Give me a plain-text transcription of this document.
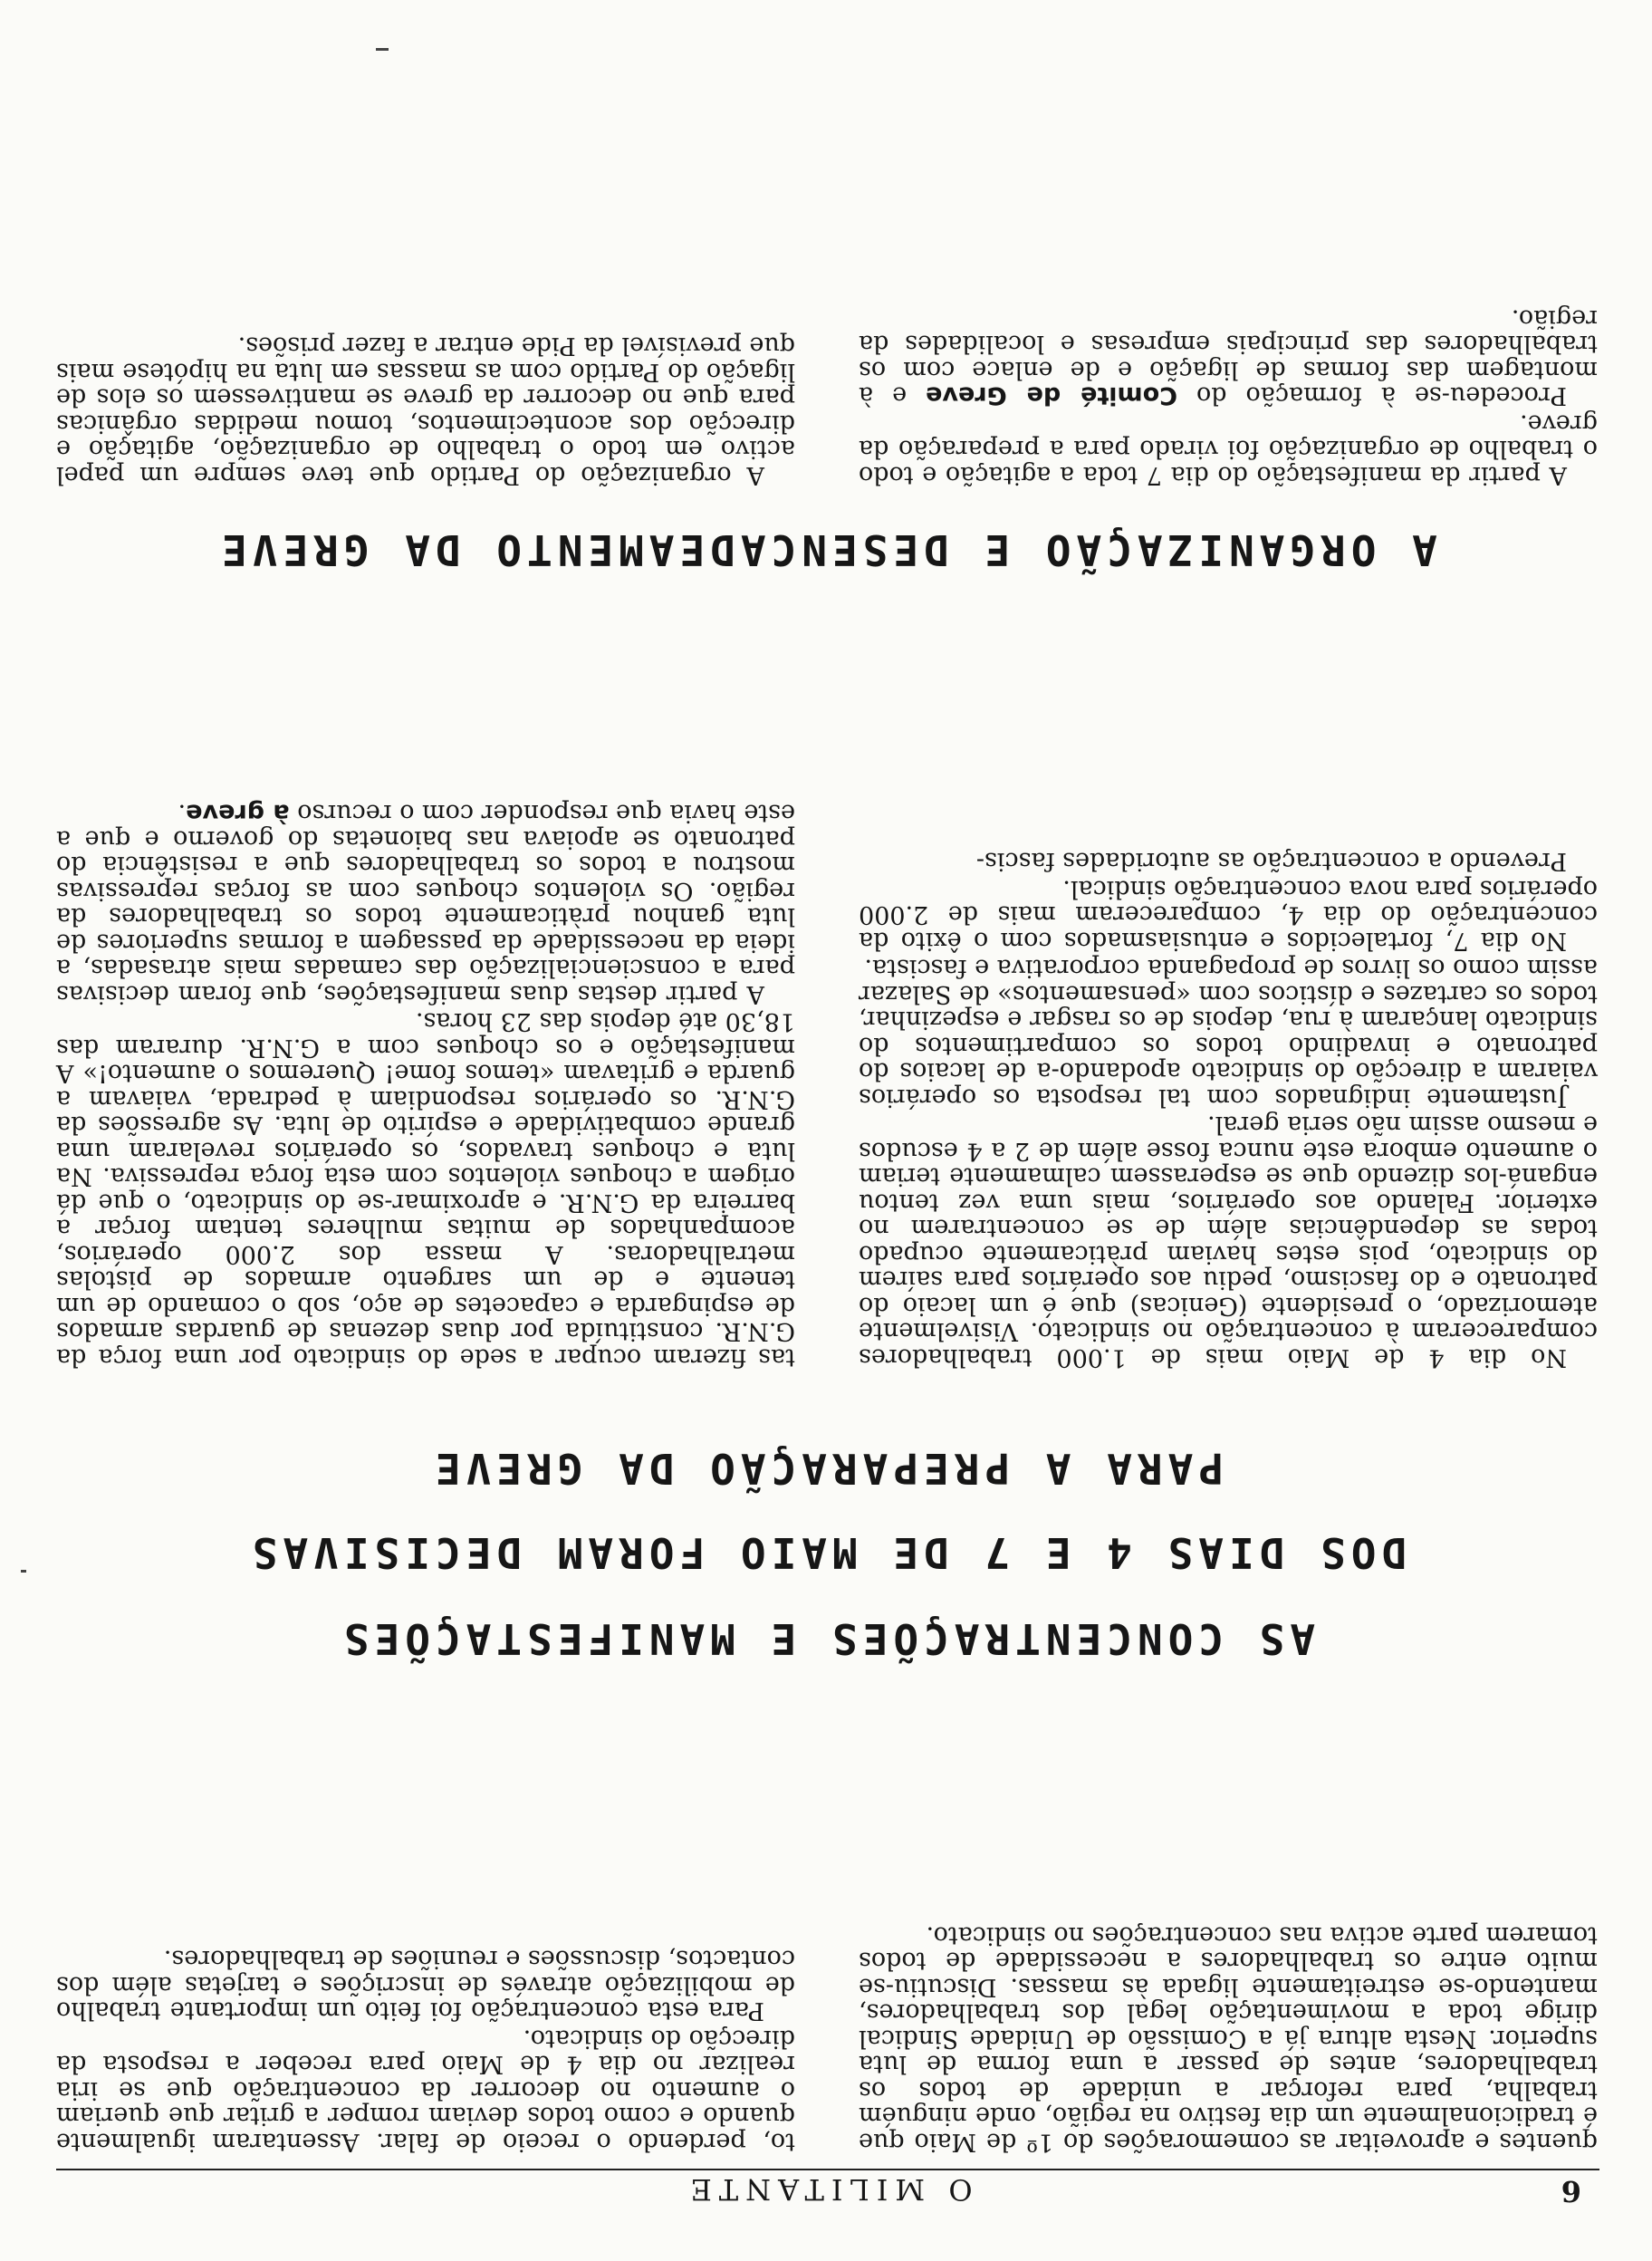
6
O MILITANTE

quentes e aproveitar as comemorações do 1º de Maio que é tradicionalmente um dia festivo na região, onde ninguém trabalha, para reforçar a unidade de todos os trabalhadores, antes de passar a uma forma de luta superior. Nesta altura já a Comissão de Unidade Sindical dirige toda a movimentação legal dos trabalhadores, mantendo-se estreitamente ligada às massas. Discutiu-se muito entre os trabalhadores a necessidade de todos tomarem parte activa nas concentrações no sindicato.

to, perdendo o receio de falar. Assentaram igualmente quando e como todos deviam romper a gritar que queriam o aumento no decorrer da concentração que se iria realizar no dia 4 de Maio para receber a resposta da direcção do sindicato.

Para esta concentração foi feito um importante trabalho de mobilização através de inscrições e tarjetas além dos contactos, discussões e reuniões de trabalhadores.

AS CONCENTRAÇÕES E MANIFESTAÇÕES
DOS DIAS 4 E 7 DE MAIO FORAM DECISIVAS
PARA A PREPARAÇÃO DA GREVE

No dia 4 de Maio mais de 1.000 trabalhadores compareceram à concentração no sindicato. Visivelmente atemorizado, o presidente (Genicas) que é um lacaio do patronato e do fascismo, pediu aos operários para saírem do sindicato, pois estes haviam pràticamente ocupado todas as dependências além de se concentrarem no exterior. Falando aos operários, mais uma vez tentou enganá-los dizendo que se esperassem calmamente teriam o aumento embora este nunca fosse além de 2 a 4 escudos e mesmo assim não seria geral.

Justamente indignados com tal resposta os operários vaiaram a direcção do sindicato apodando-a de lacaios do patronato e invadindo todos os compartimentos do sindicato lançaram à rua, depois de os rasgar e espezinhar, todos os cartazes e dísticos com «pensamentos» de Salazar assim como os livros de propaganda corporativa e fascista.

No dia 7, fortalecidos e entusiasmados com o êxito da concentração do dia 4, compareceram mais de 2.000 operários para nova concentração sindical.

Prevendo a concentração as autoridades fascis-

tas fizeram ocupar a sede do sindicato por uma força da G.N.R. constituída por duas dezenas de guardas armados de espingarda e capacetes de aço, sob o comando de um tenente e de um sargento armados de pistolas metralhadoras. A massa dos 2.000 operários, acompanhados de muitas mulheres tentam forçar a barreira da G.N.R. e aproximar-se do sindicato, o que dá origem a choques violentos com esta força repressiva. Na luta e choques travados, os operários revelaram uma grande combatividade e espírito de luta. As agressões da G.N.R. os operários respondiam à pedrada, vaiavam a guarda e gritavam «temos fome! Queremos o aumento!» A manifestação e os choques com a G.N.R. duraram das 18,30 até depois das 23 horas.

A partir destas duas manifestações, que foram decisivas para a consciencialização das camadas mais atrasadas, a ideia da necessidade da passagem a formas superiores de luta ganhou pràticamente todos os trabalhadores da região. Os violentos choques com as forças repressivas mostrou a todos os trabalhadores que a resistência do patronato se apoiava nas baionetas do governo e que a este havia que responder com o recurso à greve.

A ORGANIZAÇÃO E DESENCADEAMENTO DA GREVE

A partir da manifestação do dia 7 toda a agitação e todo o trabalho de organização foi virado para a preparação da greve.

Procedeu-se à formação do Comité de Greve e à montagem das formas de ligação e de enlace com os trabalhadores das principais empresas e localidades da região.

A organização do Partido que teve sempre um papel activo em todo o trabalho de organização, agitação e direcção dos acontecimentos, tomou medidas orgânicas para que no decorrer da greve se mantivessem os elos de ligação do Partido com as massas em luta na hipótese mais que previsível da Pide entrar a fazer prisões.
